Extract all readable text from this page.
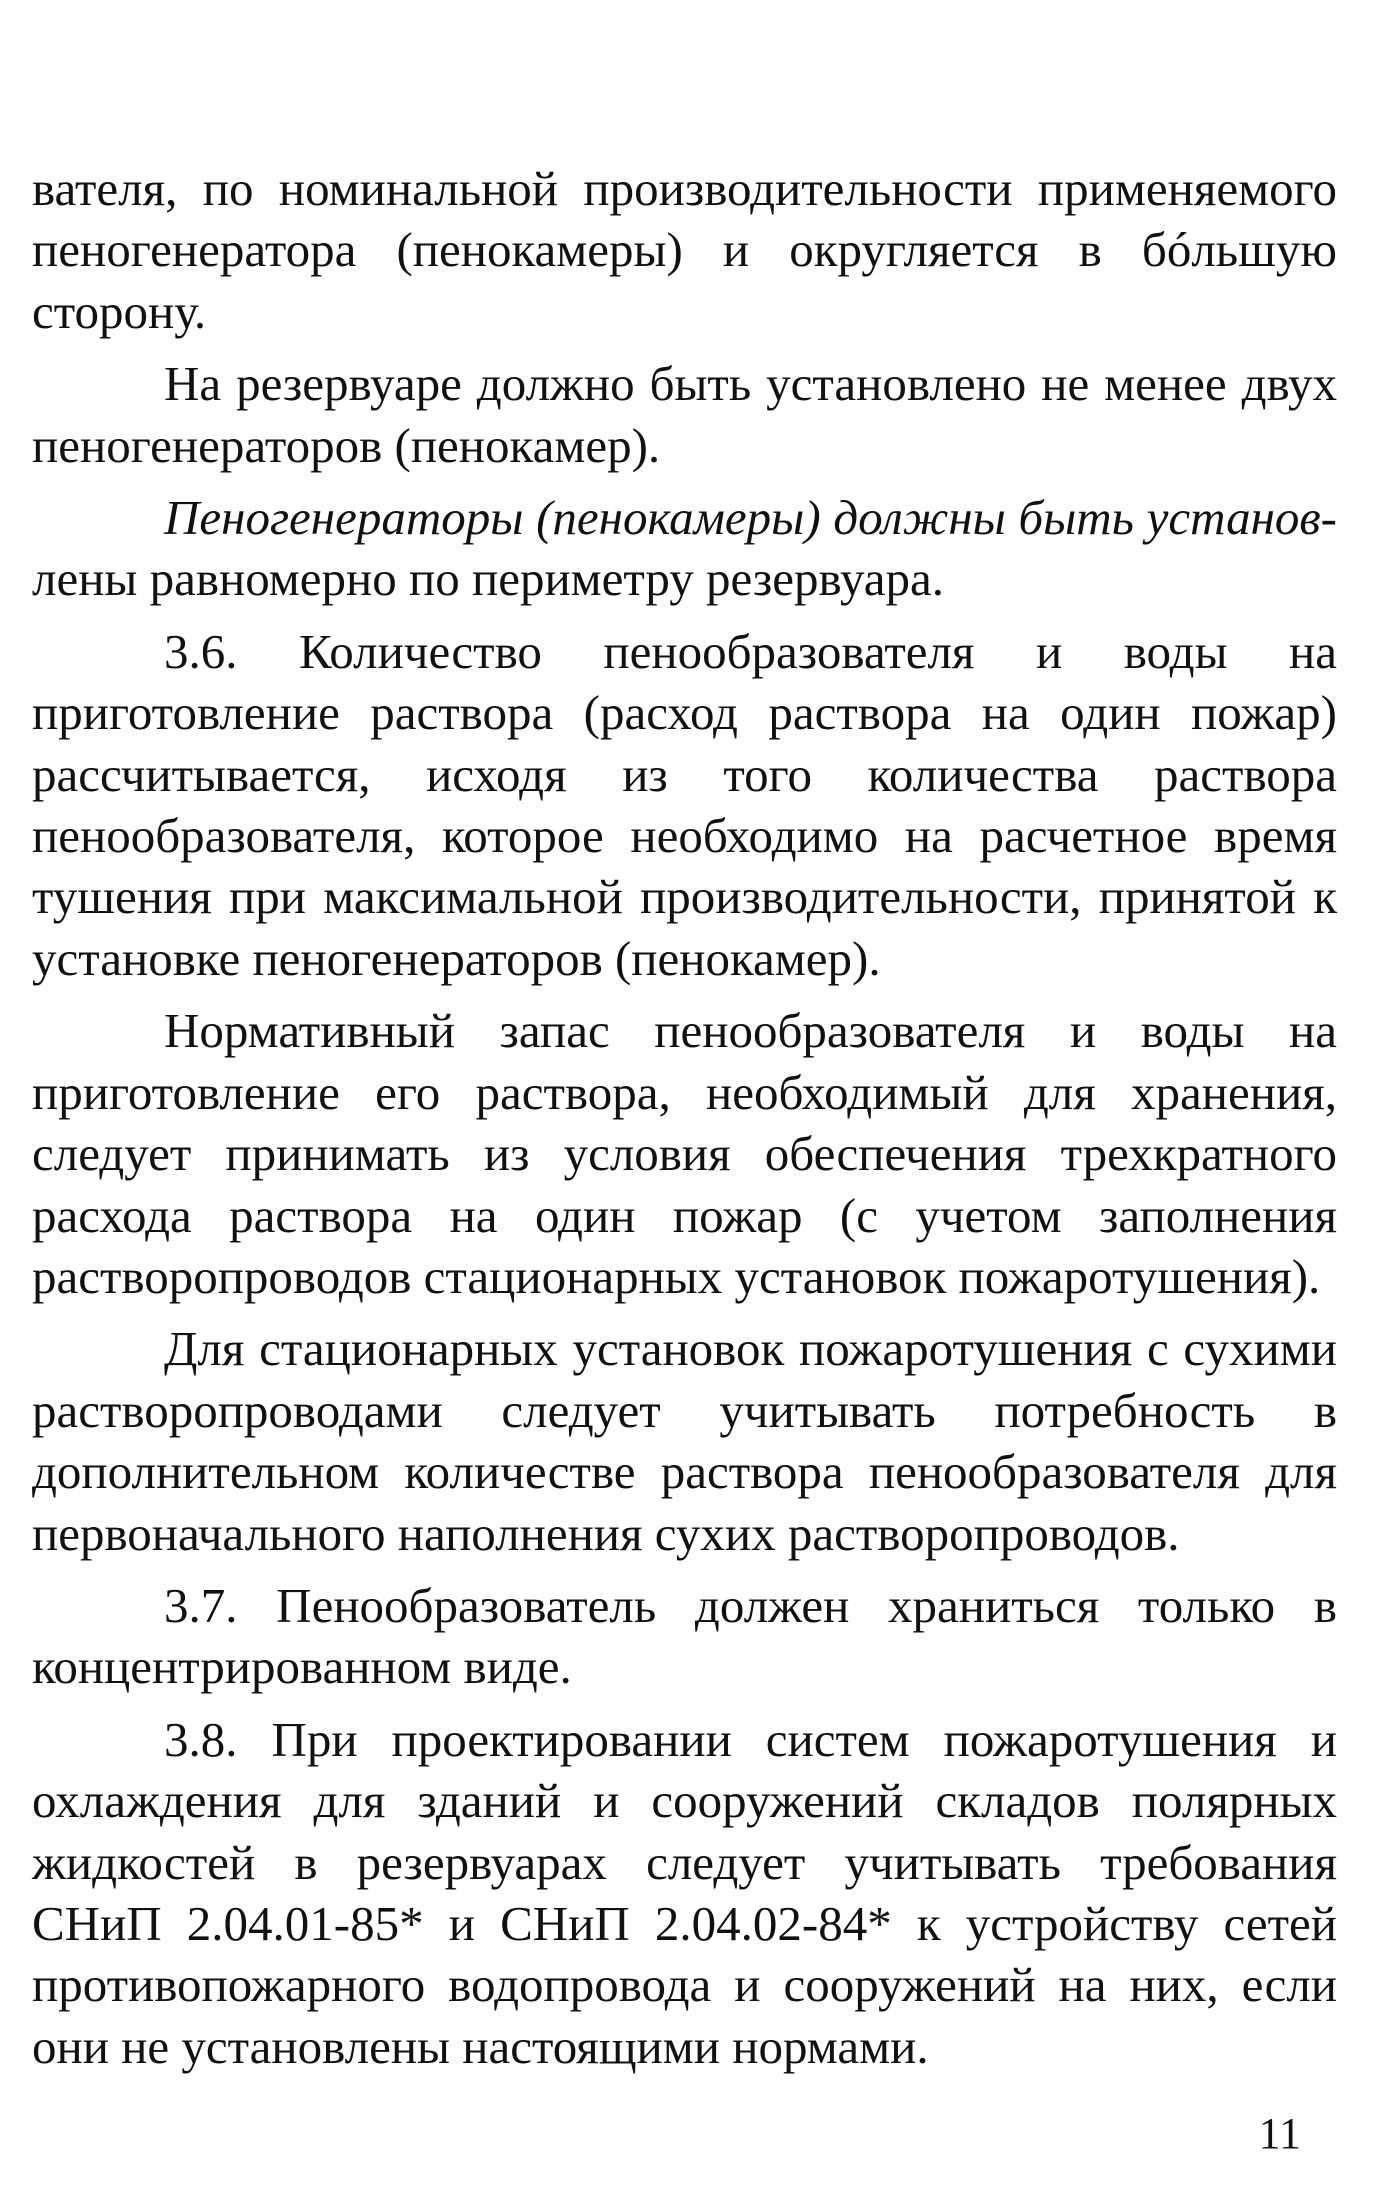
вателя, по номинальной производительности применяемого пеногенератора (пенокамеры) и округляется в бóльшую сторону.

На резервуаре должно быть установлено не менее двух пеногенераторов (пенокамер).

Пеногенераторы (пенокамеры) должны быть установ- лены равномерно по периметру резервуара.

3.6. Количество пенообразователя и воды на приготовление раствора (расход раствора на один пожар) рассчитывается, исходя из того количества раствора пенообразователя, которое необходимо на расчетное время тушения при максимальной производительности, принятой к установке пеногенераторов (пенокамер).

Нормативный запас пенообразователя и воды на приготовление его раствора, необходимый для хранения, следует принимать из условия обеспечения трехкратного расхода раствора на один пожар (с учетом заполнения растворопроводов стационарных установок пожаротушения).

Для стационарных установок пожаротушения с сухими растворопроводами следует учитывать потребность в дополнительном количестве раствора пенообразователя для первоначального наполнения сухих растворопроводов.

3.7. Пенообразователь должен храниться только в концентрированном виде.

3.8. При проектировании систем пожаротушения и охлаждения для зданий и сооружений складов полярных жидкостей в резервуарах следует учитывать требования СНиП 2.04.01-85* и СНиП 2.04.02-84* к устройству сетей противопожарного водопровода и сооружений на них, если они не установлены настоящими нормами.

11
